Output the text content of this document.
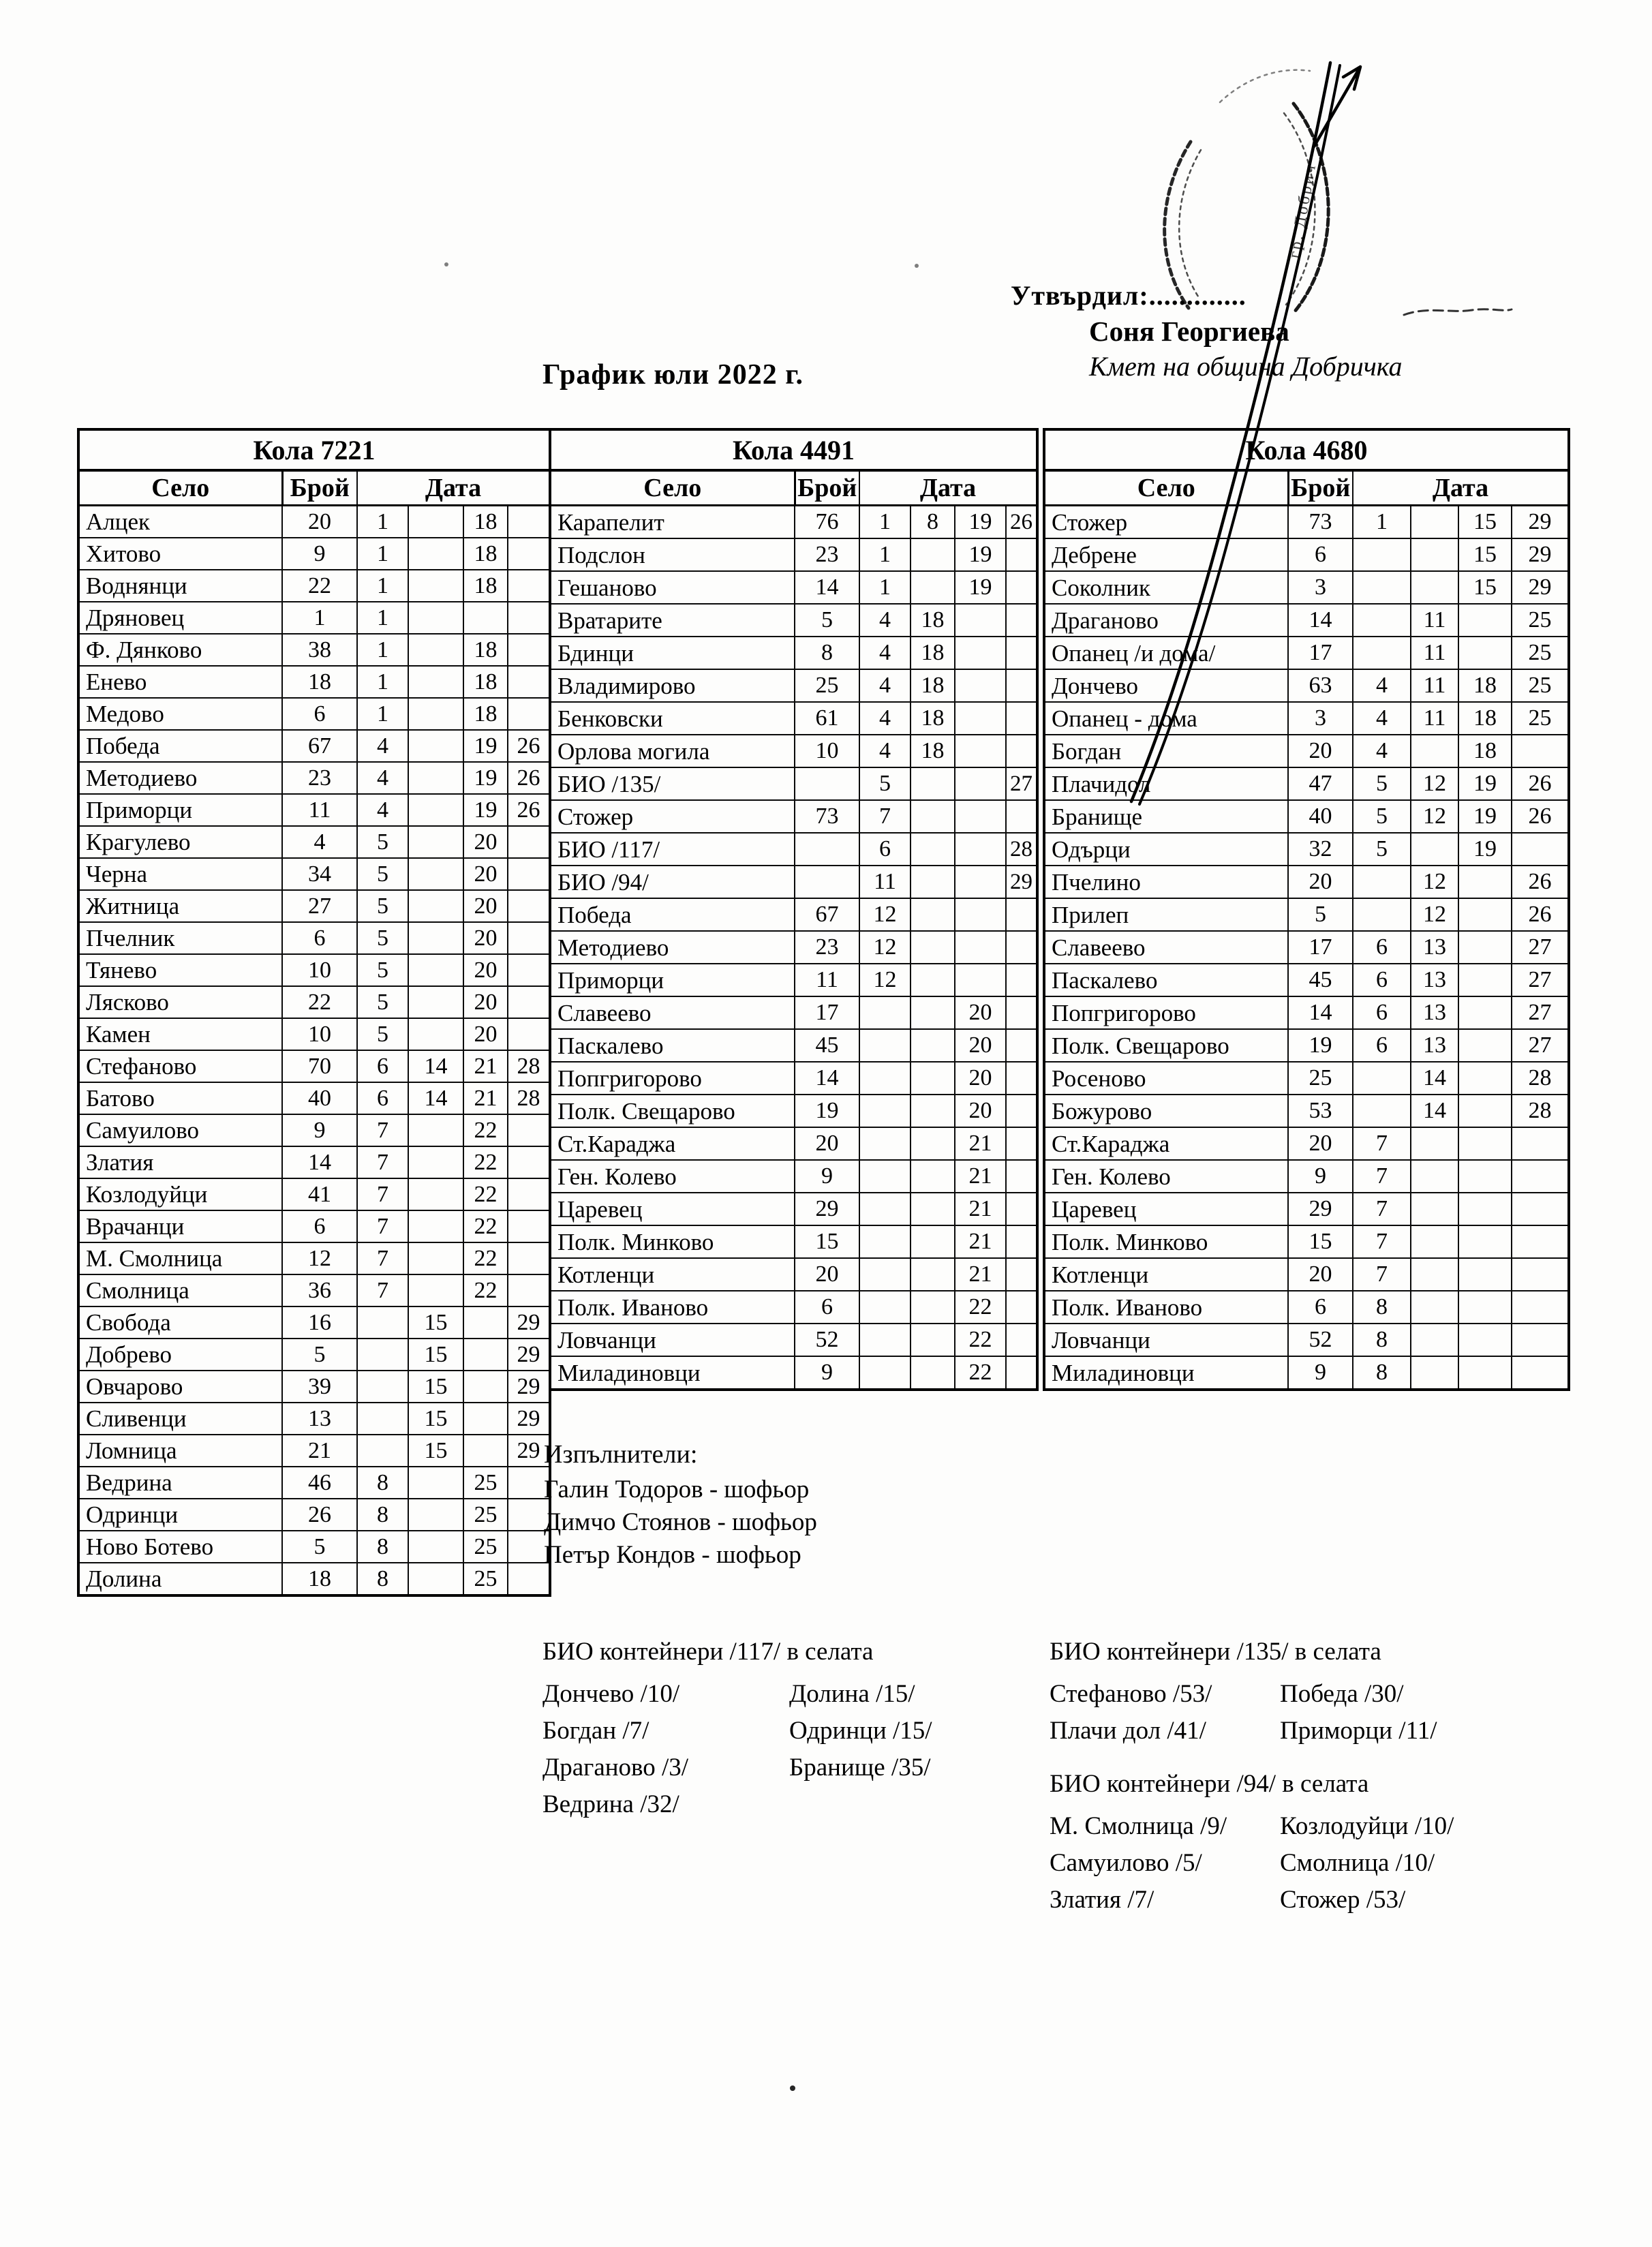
Утвърдил:.............
Соня Георгиева
Кмет на община Добричка
График юли 2022 г.
Кола 7221					
Село	Брой	Дата			
Алцек	20	1		18	
Хитово	9	1		18	
Воднянци	22	1		18	
Дряновец	1	1			
Ф. Дянково	38	1		18	
Енево	18	1		18	
Медово	6	1		18	
Победа	67	4		19	26
Методиево	23	4		19	26
Приморци	11	4		19	26
Крагулево	4	5		20	
Черна	34	5		20	
Житница	27	5		20	
Пчелник	6	5		20	
Тянево	10	5		20	
Лясково	22	5		20	
Камен	10	5		20	
Стефаново	70	6	14	21	28
Батово	40	6	14	21	28
Самуилово	9	7		22	
Златия	14	7		22	
Козлодуйци	41	7		22	
Врачанци	6	7		22	
М. Смолница	12	7		22	
Смолница	36	7		22	
Свобода	16		15		29
Добрево	5		15		29
Овчарово	39		15		29
Сливенци	13		15		29
Ломница	21		15		29
Ведрина	46	8		25	
Одринци	26	8		25	
Ново Ботево	5	8		25	
Долина	18	8		25	
Кола 4491					
Село	Брой	Дата			
Карапелит	76	1	8	19	26
Подслон	23	1		19	
Гешаново	14	1		19	
Вратарите	5	4	18		
Бдинци	8	4	18		
Владимирово	25	4	18		
Бенковски	61	4	18		
Орлова могила	10	4	18		
БИО /135/		5			27
Стожер	73	7			
БИО /117/		6			28
БИО /94/		11			29
Победа	67	12			
Методиево	23	12			
Приморци	11	12			
Славеево	17			20	
Паскалево	45			20	
Попгригорово	14			20	
Полк. Свещарово	19			20	
Ст.Караджа	20			21	
Ген. Колево	9			21	
Царевец	29			21	
Полк. Минково	15			21	
Котленци	20			21	
Полк. Иваново	6			22	
Ловчанци	52			22	
Миладиновци	9			22	
Кола 4680					
Село	Брой	Дата			
Стожер	73	1		15	29
Дебрене	6			15	29
Соколник	3			15	29
Драганово	14		11		25
Опанец /и дома/	17		11		25
Дончево	63	4	11	18	25
Опанец - дома	3	4	11	18	25
Богдан	20	4		18	
Плачидол	47	5	12	19	26
Бранище	40	5	12	19	26
Одърци	32	5		19	
Пчелино	20		12		26
Прилеп	5		12		26
Славеево	17	6	13		27
Паскалево	45	6	13		27
Попгригорово	14	6	13		27
Полк. Свещарово	19	6	13		27
Росеново	25		14		28
Божурово	53		14		28
Ст.Караджа	20	7			
Ген. Колево	9	7			
Царевец	29	7			
Полк. Минково	15	7			
Котленци	20	7			
Полк. Иваново	6	8			
Ловчанци	52	8			
Миладиновци	9	8			
Изпълнители:
Галин Тодоров - шофьор
Димчо Стоянов - шофьор
Петър Кондов - шофьор
БИО контейнери /117/ в селата
Дончево /10/	Долина /15/
Богдан /7/	Одринци /15/
Драганово /3/	Бранище /35/
Ведрина /32/
БИО контейнери /135/ в селата
Стефаново /53/	Победа /30/
Плачи дол /41/	Приморци /11/
БИО контейнери /94/ в селата
М. Смолница /9/ Козлодуйци /10/
Самуилово /5/	Смолница /10/
Златия /7/	Стожер /53/
гр. Добрич
